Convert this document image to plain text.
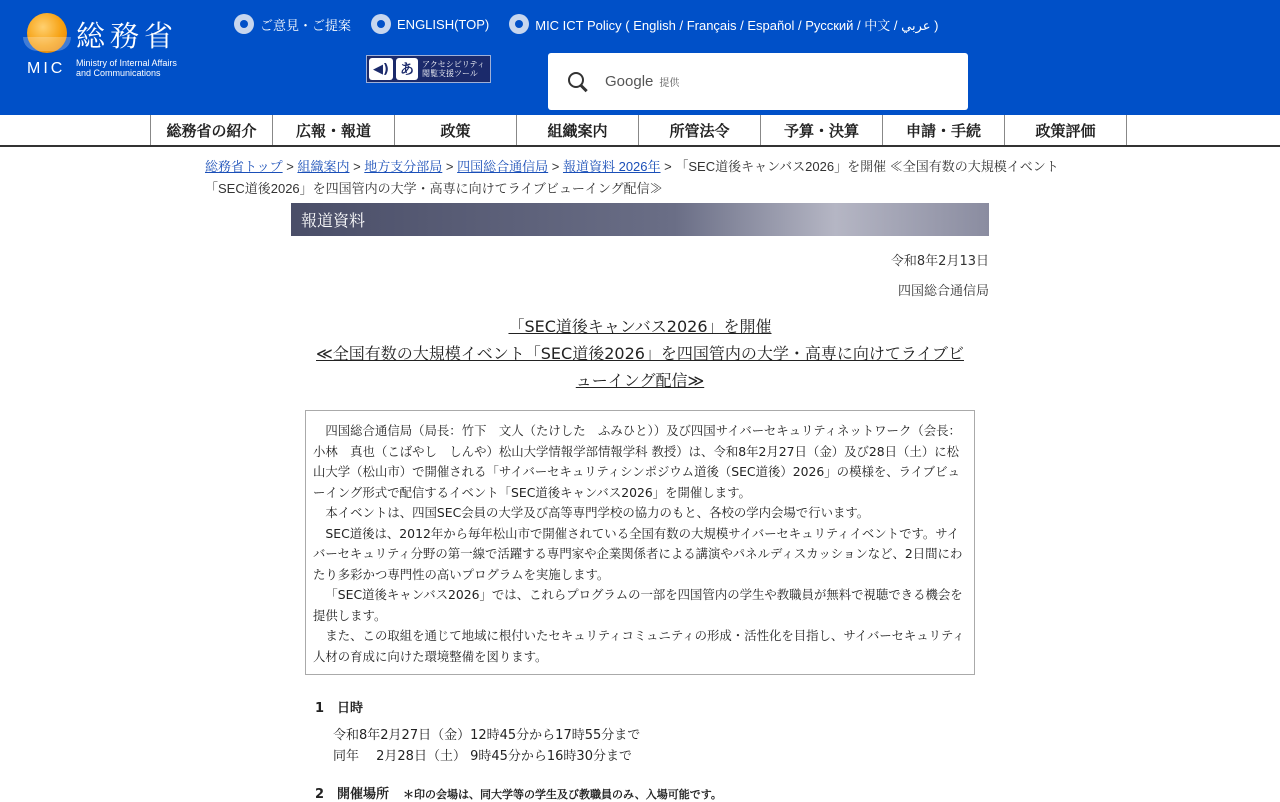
総務省
MIC Ministry of Internal Affairs
and Communications
ご意見・ご提案	ENGLISH(TOP)	MIC ICT Policy ( English / Français / Español / Русский / 中文 / عربي )
◀) あ	アクセシビリティ
閲覧支援ツール	Google 提供
総務省の紹介	広報・報道	政策	組織案内	所管法令	予算・決算	申請・手続	政策評価
総務省トップ > 組織案内 > 地方支分部局 > 四国総合通信局 > 報道資料 2026年 > 「SEC道後キャンバス2026」を開催 ≪全国有数の大規模イベント「SEC道後2026」を四国管内の大学・高専に向けてライブビューイング配信≫
報道資料
令和8年2月13日
四国総合通信局
「SEC道後キャンバス2026」を開催
≪全国有数の大規模イベント「SEC道後2026」を四国管内の大学・高専に向けてライブビ
ューイング配信≫

四国総合通信局（局長：竹下　文人（たけした　ふみひと））及び四国サイバーセキュリティネットワーク（会長：小林　真也（こばやし　しんや）松山大学情報学部情報学科 教授）は、令和8年2月27日（金）及び28日（土）に松山大学（松山市）で開催される「サイバーセキュリティシンポジウム道後（SEC道後）2026」の模様を、ライブビューイング形式で配信するイベント「SEC道後キャンバス2026」を開催します。

本イベントは、四国SEC会員の大学及び高等専門学校の協力のもと、各校の学内会場で行います。

SEC道後は、2012年から毎年松山市で開催されている全国有数の大規模サイバーセキュリティイベントです。サイバーセキュリティ分野の第一線で活躍する専門家や企業関係者による講演やパネルディスカッションなど、2日間にわたり多彩かつ専門性の高いプログラムを実施します。

「SEC道後キャンバス2026」では、これらプログラムの一部を四国管内の学生や教職員が無料で視聴できる機会を提供します。

また、この取組を通じて地域に根付いたセキュリティコミュニティの形成・活性化を目指し、サイバーセキュリティ人材の育成に向けた環境整備を図ります。

1　日時
令和8年2月27日（金）12時45分から17時55分まで
同年　 2月28日（土） 9時45分から16時30分まで
2　開催場所 ＊印の会場は、同大学等の学生及び教職員のみ、入場可能です。
